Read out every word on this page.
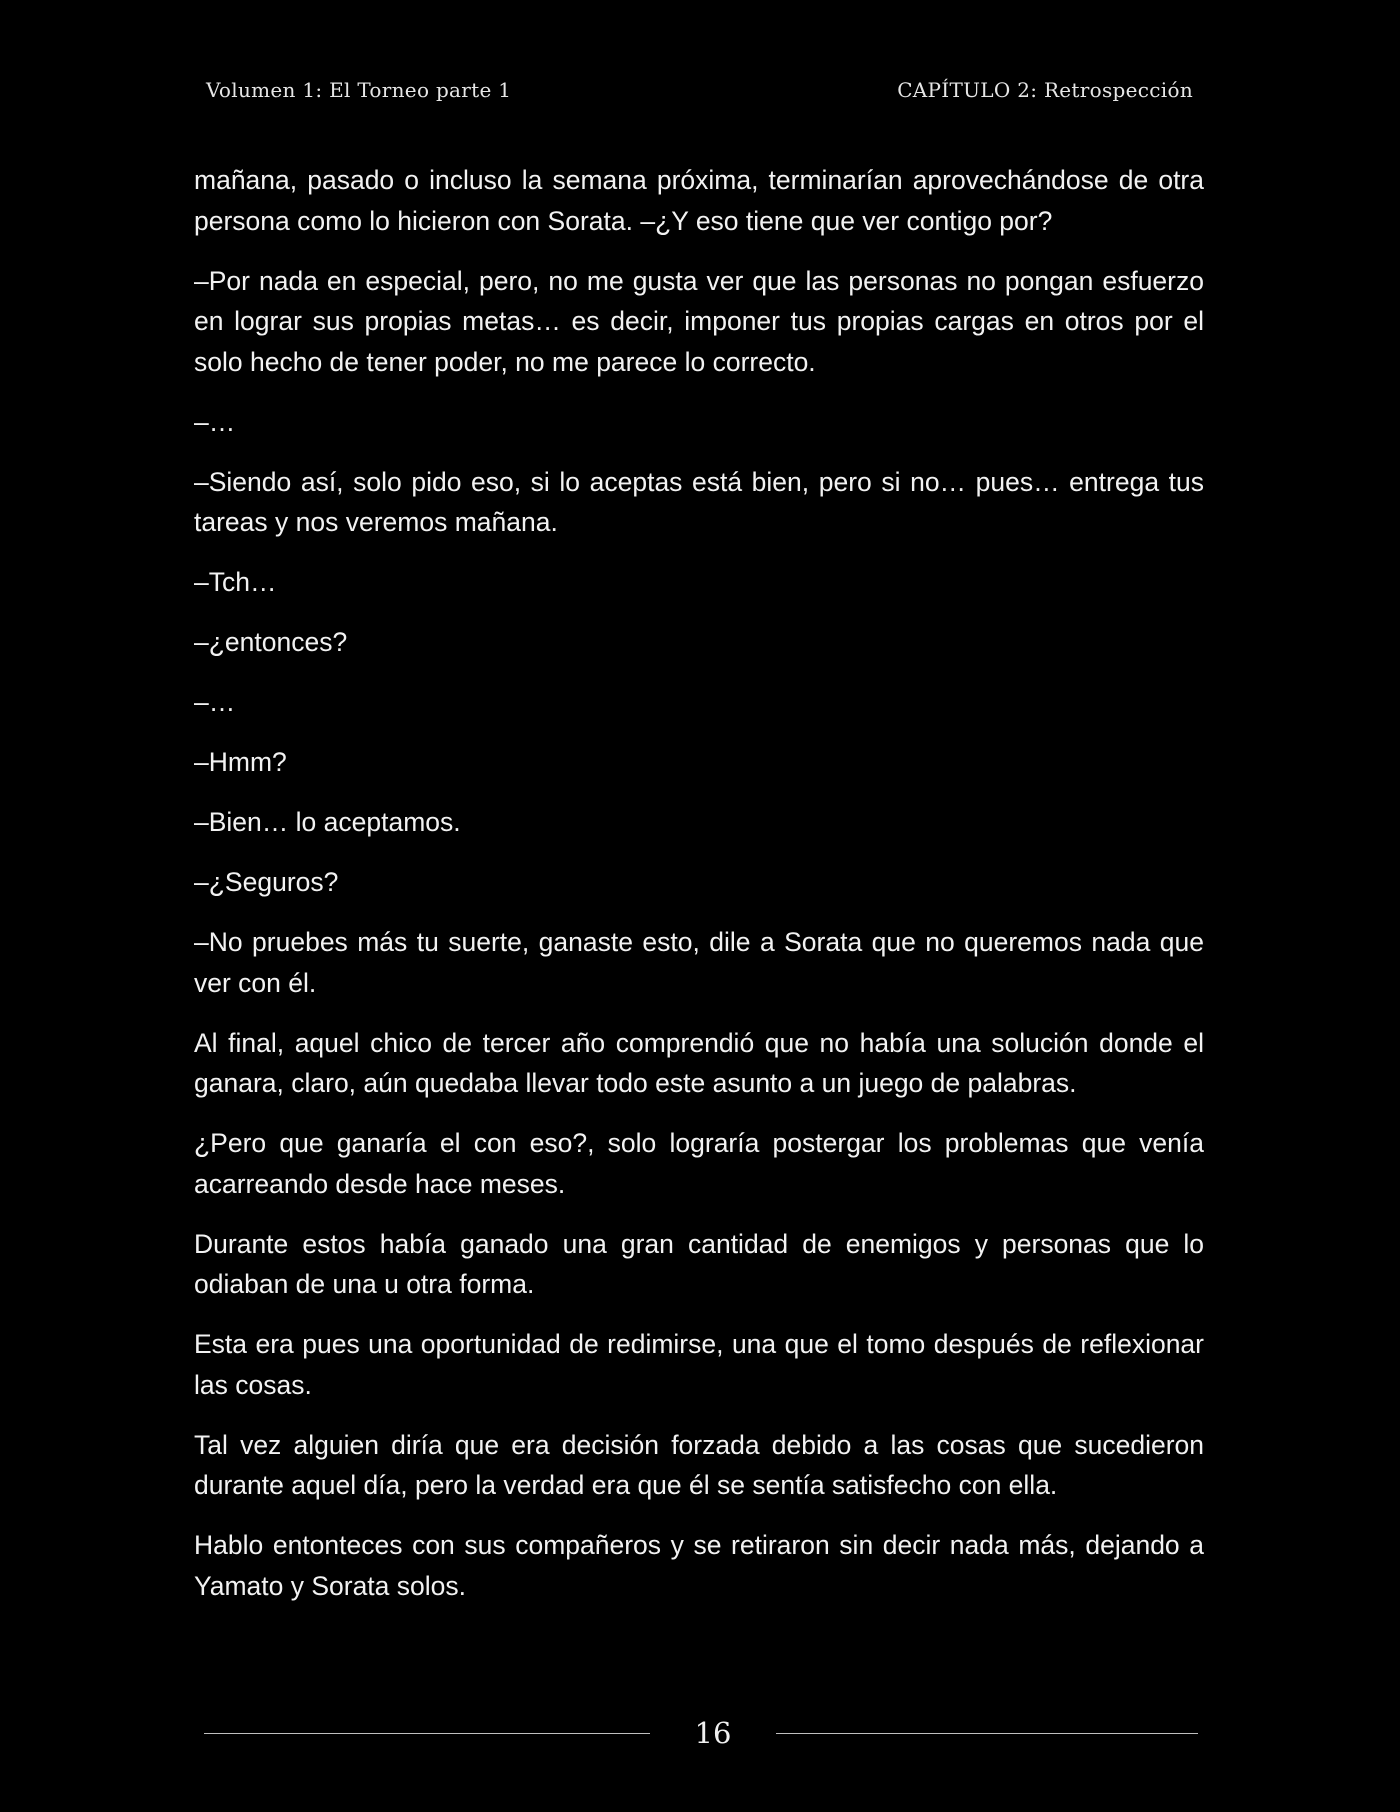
Volumen 1: El Torneo parte 1	CAPÍTULO 2: Retrospección

mañana, pasado o incluso la semana próxima, terminarían aprovechándose de otra persona como lo hicieron con Sorata. –¿Y eso tiene que ver contigo por?

–Por nada en especial, pero, no me gusta ver que las personas no pongan esfuerzo en lograr sus propias metas… es decir, imponer tus propias cargas en otros por el solo hecho de tener poder, no me parece lo correcto.

–…

–Siendo así, solo pido eso, si lo aceptas está bien, pero si no… pues… entrega tus tareas y nos veremos mañana.

–Tch…

–¿entonces?

–…

–Hmm?

–Bien… lo aceptamos.

–¿Seguros?

–No pruebes más tu suerte, ganaste esto, dile a Sorata que no queremos nada que ver con él.

Al final, aquel chico de tercer año comprendió que no había una solución donde el ganara, claro, aún quedaba llevar todo este asunto a un juego de palabras.

¿Pero que ganaría el con eso?, solo lograría postergar los problemas que venía acarreando desde hace meses.

Durante estos había ganado una gran cantidad de enemigos y personas que lo odiaban de una u otra forma.

Esta era pues una oportunidad de redimirse, una que el tomo después de reflexionar las cosas.

Tal vez alguien diría que era decisión forzada debido a las cosas que sucedieron durante aquel día, pero la verdad era que él se sentía satisfecho con ella.

Hablo entonteces con sus compañeros y se retiraron sin decir nada más, dejando a Yamato y Sorata solos.

16
